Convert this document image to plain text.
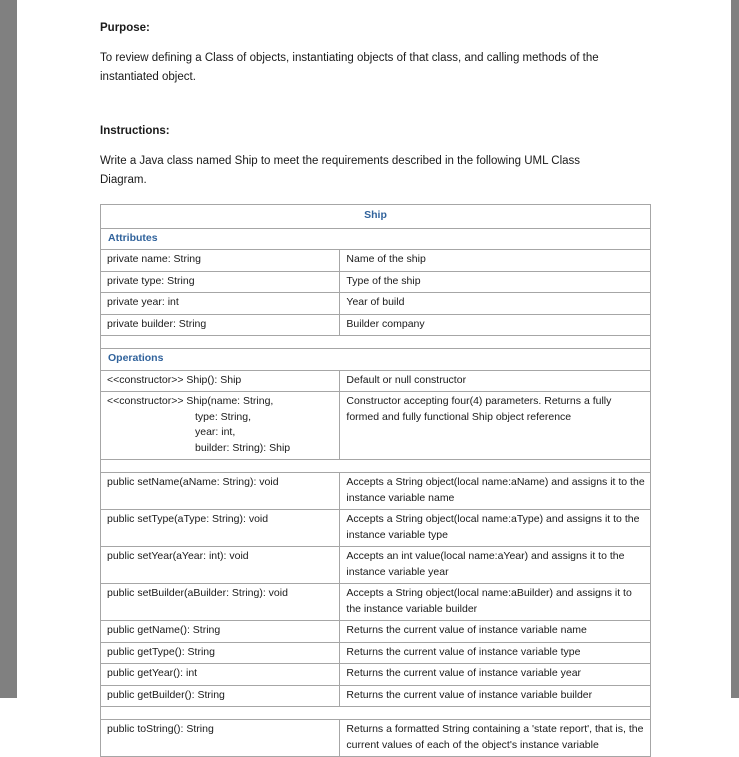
Purpose:

To review defining a Class of objects, instantiating objects of that class, and calling methods of the instantiated object.

Instructions:

Write a Java class named Ship to meet the requirements described in the following UML Class Diagram.

Ship	
Attributes	
private name: String	Name of the ship
private type: String	Type of the ship
private year: int	Year of build
private builder: String	Builder company

Operations	

<<constructor>> Ship(): Ship	Default or null constructor

<<constructor>> Ship(name: String,
type: String,
year: int,
builder: String): Ship	Constructor accepting four(4) parameters. Returns a fully formed and fully functional Ship object reference

public setName(aName: String): void	Accepts a String object(local name:aName) and assigns it to the instance variable name
public setType(aType: String): void	Accepts a String object(local name:aType) and assigns it to the instance variable type
public setYear(aYear: int): void	Accepts an int value(local name:aYear) and assigns it to the instance variable year
public setBuilder(aBuilder: String): void	Accepts a String object(local name:aBuilder) and assigns it to the instance variable builder
public getName(): String	Returns the current value of instance variable name
public getType(): String	Returns the current value of instance variable type
public getYear(): int	Returns the current value of instance variable year
public getBuilder(): String	Returns the current value of instance variable builder

public toString(): String	Returns a formatted String containing a 'state report', that is, the current values of each of the object's instance variable
